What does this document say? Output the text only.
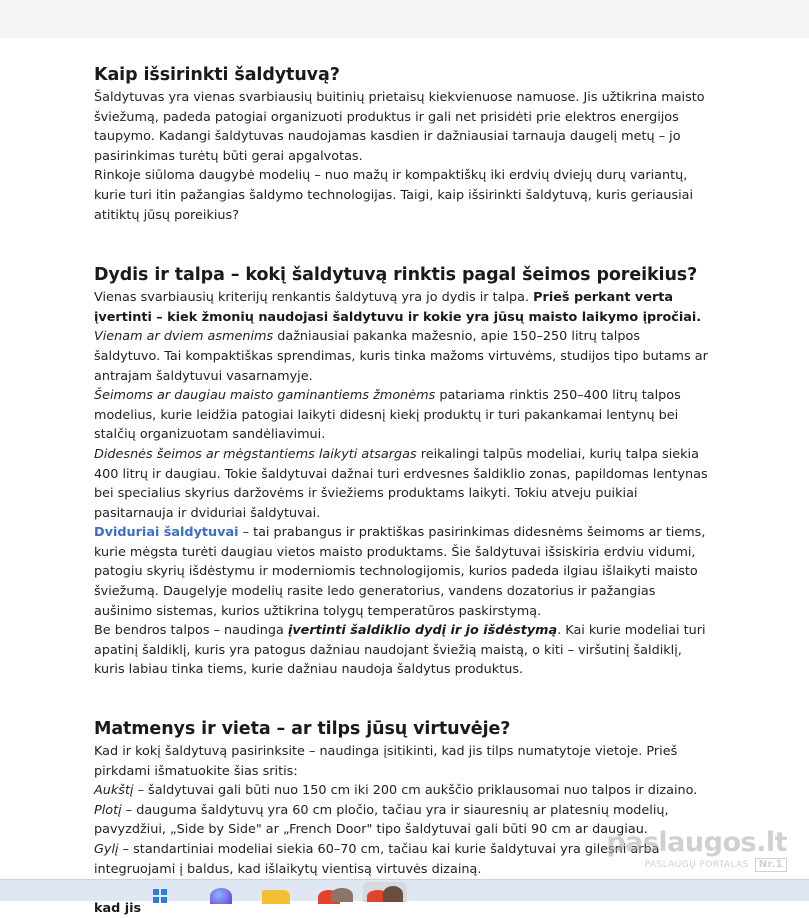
Kaip išsirinkti šaldytuvą?

Šaldytuvas yra vienas svarbiausių buitinių prietaisų kiekvienuose namuose. Jis užtikrina maisto šviežumą, padeda patogiai organizuoti produktus ir gali net prisidėti prie elektros energijos taupymo. Kadangi šaldytuvas naudojamas kasdien ir dažniausiai tarnauja daugelį metų – jo pasirinkimas turėtų būti gerai apgalvotas.

Rinkoje siūloma daugybė modelių – nuo mažų ir kompaktiškų iki erdvių dviejų durų variantų, kurie turi itin pažangias šaldymo technologijas. Taigi, kaip išsirinkti šaldytuvą, kuris geriausiai atitiktų jūsų poreikius?

Dydis ir talpa – kokį šaldytuvą rinktis pagal šeimos poreikius?

Vienas svarbiausių kriterijų renkantis šaldytuvą yra jo dydis ir talpa. Prieš perkant verta įvertinti – kiek žmonių naudojasi šaldytuvu ir kokie yra jūsų maisto laikymo įpročiai.

Vienam ar dviem asmenims dažniausiai pakanka mažesnio, apie 150–250 litrų talpos šaldytuvo. Tai kompaktiškas sprendimas, kuris tinka mažoms virtuvėms, studijos tipo butams ar antrajam šaldytuvui vasarnamyje.

Šeimoms ar daugiau maisto gaminantiems žmonėms patariama rinktis 250–400 litrų talpos modelius, kurie leidžia patogiai laikyti didesnį kiekį produktų ir turi pakankamai lentynų bei stalčių organizuotam sandėliavimui.

Didesnės šeimos ar mėgstantiems laikyti atsargas reikalingi talpūs modeliai, kurių talpa siekia 400 litrų ir daugiau. Tokie šaldytuvai dažnai turi erdvesnes šaldiklio zonas, papildomas lentynas bei specialius skyrius daržovėms ir šviežiems produktams laikyti. Tokiu atveju puikiai pasitarnauja ir dviduriai šaldytuvai.

Dviduriai šaldytuvai – tai prabangus ir praktiškas pasirinkimas didesnėms šeimoms ar tiems, kurie mėgsta turėti daugiau vietos maisto produktams. Šie šaldytuvai išsiskiria erdviu vidumi, patogiu skyrių išdėstymu ir moderniomis technologijomis, kurios padeda ilgiau išlaikyti maisto šviežumą. Daugelyje modelių rasite ledo generatorius, vandens dozatorius ir pažangias aušinimo sistemas, kurios užtikrina tolygų temperatūros paskirstymą.

Be bendros talpos – naudinga įvertinti šaldiklio dydį ir jo išdėstymą. Kai kurie modeliai turi apatinį šaldiklį, kuris yra patogus dažniau naudojant šviežią maistą, o kiti – viršutinį šaldiklį, kuris labiau tinka tiems, kurie dažniau naudoja šaldytus produktus.

Matmenys ir vieta – ar tilps jūsų virtuvėje?

Kad ir kokį šaldytuvą pasirinksite – naudinga įsitikinti, kad jis tilps numatytoje vietoje. Prieš pirkdami išmatuokite šias sritis:

Aukštį – šaldytuvai gali būti nuo 150 cm iki 200 cm aukščio priklausomai nuo talpos ir dizaino.

Plotį – dauguma šaldytuvų yra 60 cm pločio, tačiau yra ir siauresnių ar platesnių modelių, pavyzdžiui, „Side by Side" ar „French Door" tipo šaldytuvai gali būti 90 cm ar daugiau.

Gylį – standartiniai modeliai siekia 60–70 cm, tačiau kai kurie šaldytuvai yra gilesni arba integruojami į baldus, kad išlaikytų vientisą virtuvės dizainą.

kad jis

paslaugos.lt
PASLAUGŲ PORTALAS Nr.1
